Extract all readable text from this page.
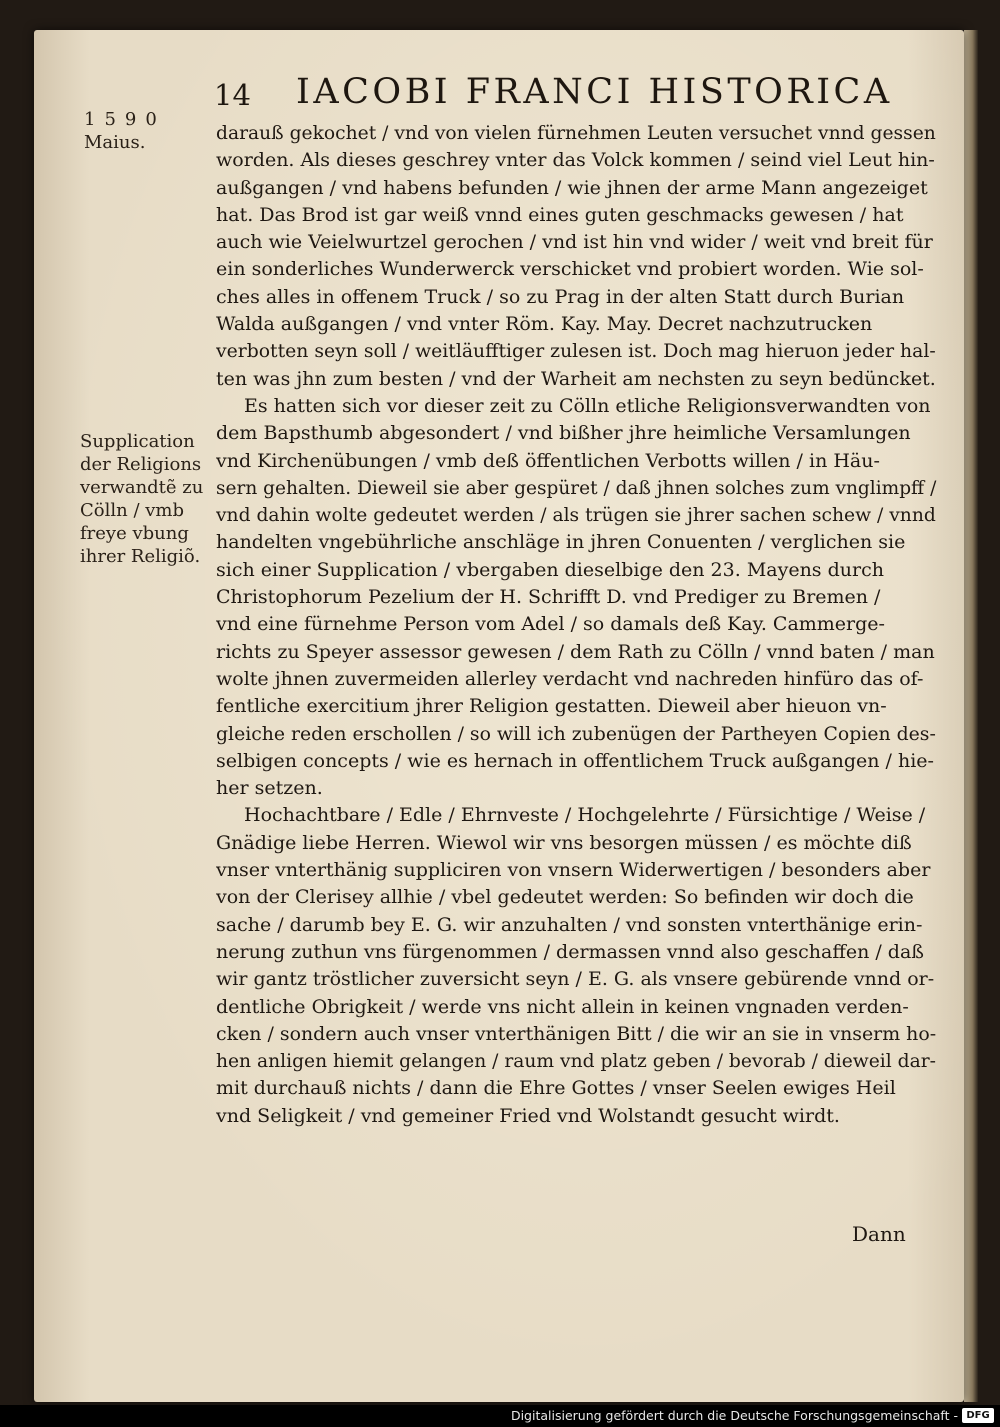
14 IACOBI FRANCI HISTORICA
1590
Maius.
Supplication
der Religions
verwandtẽ zu
Cölln / vmb
freye vbung
ihrer Religiõ.
darauß gekochet / vnd von vielen fürnehmen Leuten versuchet vnnd gessen
worden. Als dieses geschrey vnter das Volck kommen / seind viel Leut hin-
außgangen / vnd habens befunden / wie jhnen der arme Mann angezeiget
hat. Das Brod ist gar weiß vnnd eines guten geschmacks gewesen / hat
auch wie Veielwurtzel gerochen / vnd ist hin vnd wider / weit vnd breit für
ein sonderliches Wunderwerck verschicket vnd probiert worden. Wie sol-
ches alles in offenem Truck / so zu Prag in der alten Statt durch Burian
Walda außgangen / vnd vnter Röm. Kay. May. Decret nachzutrucken
verbotten seyn soll / weitläufftiger zulesen ist. Doch mag hieruon jeder hal-
ten was jhn zum besten / vnd der Warheit am nechsten zu seyn bedüncket.
Es hatten sich vor dieser zeit zu Cölln etliche Religionsverwandten von
dem Bapsthumb abgesondert / vnd bißher jhre heimliche Versamlungen
vnd Kirchenübungen / vmb deß öffentlichen Verbotts willen / in Häu-
sern gehalten. Dieweil sie aber gespüret / daß jhnen solches zum vnglimpff /
vnd dahin wolte gedeutet werden / als trügen sie jhrer sachen schew / vnnd
handelten vngebührliche anschläge in jhren Conuenten / verglichen sie
sich einer Supplication / vbergaben dieselbige den 23. Mayens durch
Christophorum Pezelium der H. Schrifft D. vnd Prediger zu Bremen /
vnd eine fürnehme Person vom Adel / so damals deß Kay. Cammerge-
richts zu Speyer assessor gewesen / dem Rath zu Cölln / vnnd baten / man
wolte jhnen zuvermeiden allerley verdacht vnd nachreden hinfüro das of-
fentliche exercitium jhrer Religion gestatten. Dieweil aber hieuon vn-
gleiche reden erschollen / so will ich zubenügen der Partheyen Copien des-
selbigen concepts / wie es hernach in offentlichem Truck außgangen / hie-
her setzen.
Hochachtbare / Edle / Ehrnveste / Hochgelehrte / Fürsichtige / Weise /
Gnädige liebe Herren. Wiewol wir vns besorgen müssen / es möchte diß
vnser vnterthänig suppliciren von vnsern Widerwertigen / besonders aber
von der Clerisey allhie / vbel gedeutet werden: So befinden wir doch die
sache / darumb bey E. G. wir anzuhalten / vnd sonsten vnterthänige erin-
nerung zuthun vns fürgenommen / dermassen vnnd also geschaffen / daß
wir gantz tröstlicher zuversicht seyn / E. G. als vnsere gebürende vnnd or-
dentliche Obrigkeit / werde vns nicht allein in keinen vngnaden verden-
cken / sondern auch vnser vnterthänigen Bitt / die wir an sie in vnserm ho-
hen anligen hiemit gelangen / raum vnd platz geben / bevorab / dieweil dar-
mit durchauß nichts / dann die Ehre Gottes / vnser Seelen ewiges Heil
vnd Seligkeit / vnd gemeiner Fried vnd Wolstandt gesucht wirdt.
Dann
Digitalisierung gefördert durch die Deutsche Forschungsgemeinschaft - DFG
